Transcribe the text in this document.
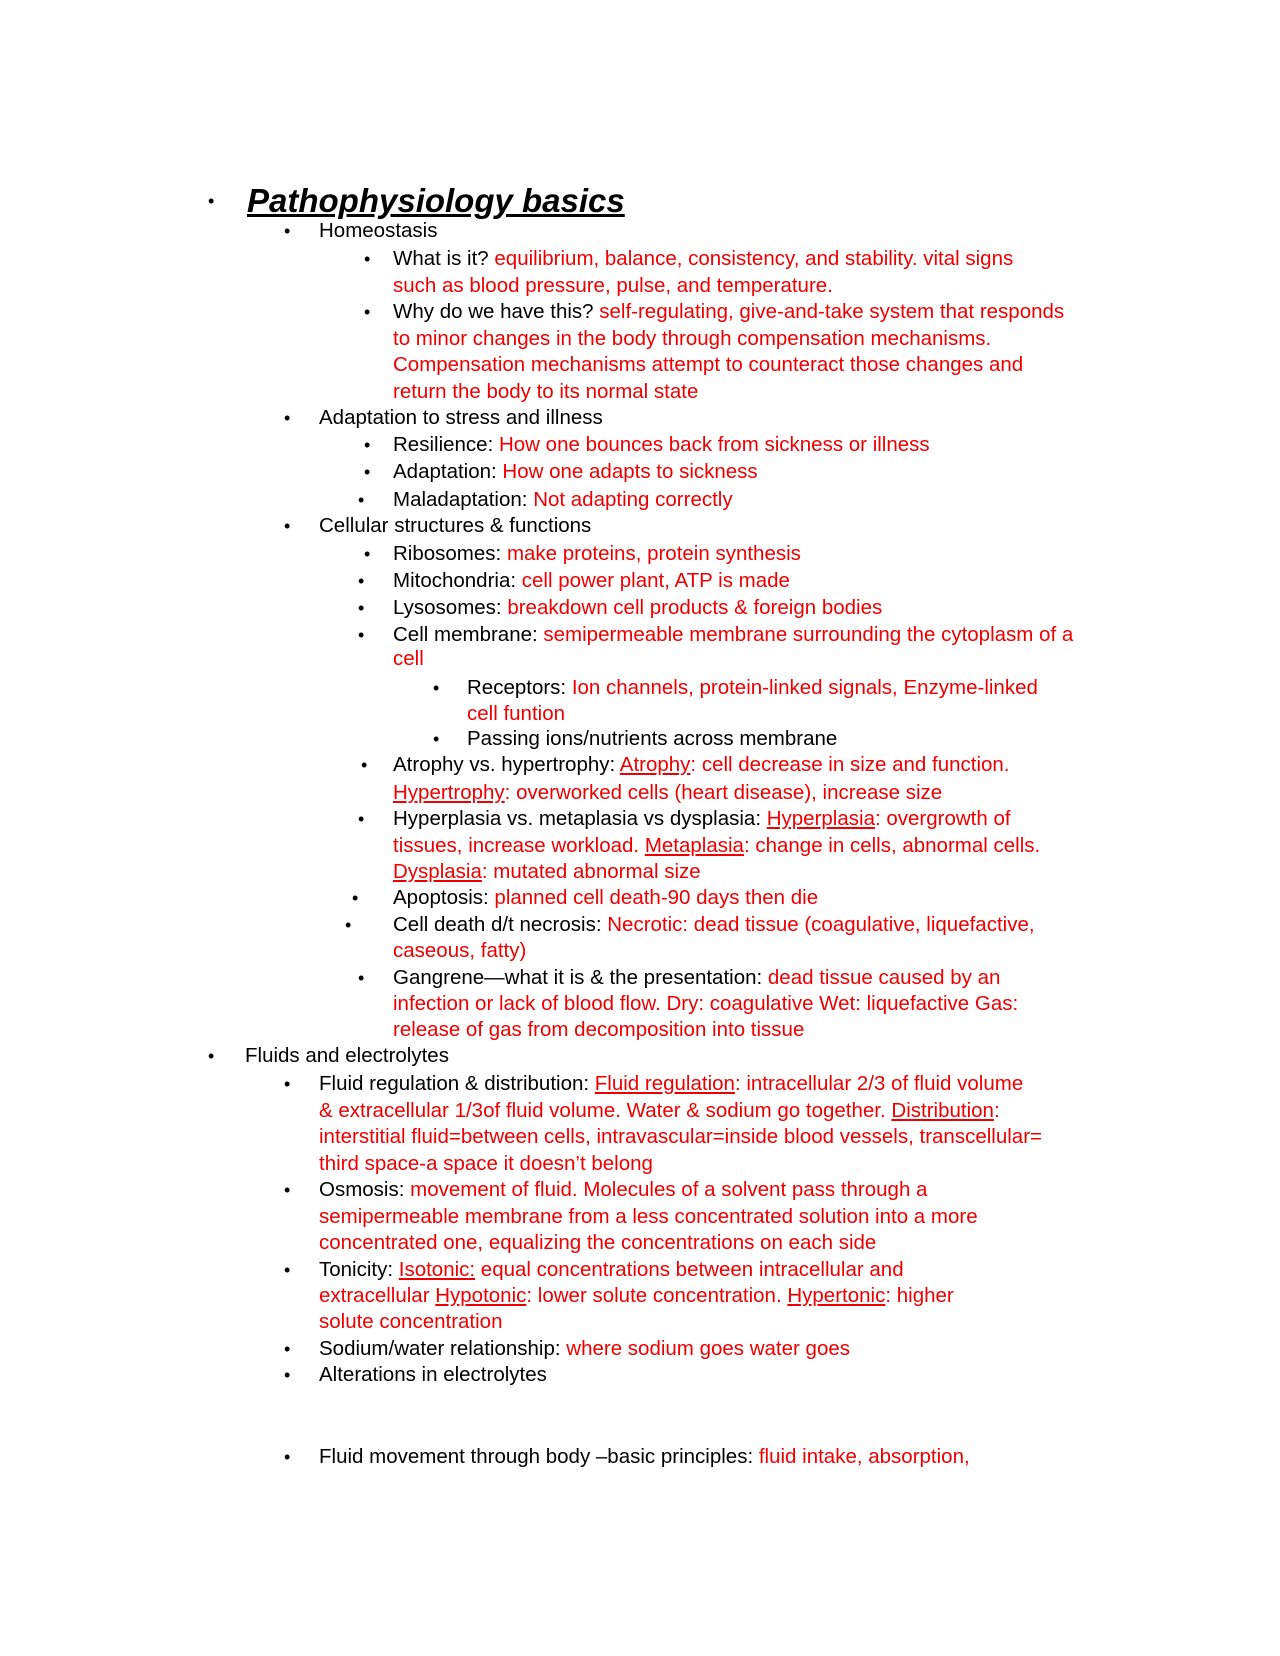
• Pathophysiology basics
• Homeostasis
• What is it? equilibrium, balance, consistency, and stability. vital signs
such as blood pressure, pulse, and temperature.
• Why do we have this? self-regulating, give-and-take system that responds
to minor changes in the body through compensation mechanisms.
Compensation mechanisms attempt to counteract those changes and
return the body to its normal state
• Adaptation to stress and illness
• Resilience: How one bounces back from sickness or illness
• Adaptation: How one adapts to sickness
• Maladaptation: Not adapting correctly
• Cellular structures & functions
• Ribosomes: make proteins, protein synthesis
• Mitochondria: cell power plant, ATP is made
• Lysosomes: breakdown cell products & foreign bodies
• Cell membrane: semipermeable membrane surrounding the cytoplasm of a
cell
• Receptors: Ion channels, protein-linked signals, Enzyme-linked
cell funtion
• Passing ions/nutrients across membrane
• Atrophy vs. hypertrophy: Atrophy: cell decrease in size and function.
Hypertrophy: overworked cells (heart disease), increase size
• Hyperplasia vs. metaplasia vs dysplasia: Hyperplasia: overgrowth of
tissues, increase workload. Metaplasia: change in cells, abnormal cells.
Dysplasia: mutated abnormal size
• Apoptosis: planned cell death-90 days then die
• Cell death d/t necrosis: Necrotic: dead tissue (coagulative, liquefactive,
caseous, fatty)
• Gangrene—what it is & the presentation: dead tissue caused by an
infection or lack of blood flow. Dry: coagulative Wet: liquefactive Gas:
release of gas from decomposition into tissue
• Fluids and electrolytes
• Fluid regulation & distribution: Fluid regulation: intracellular 2/3 of fluid volume
& extracellular 1/3of fluid volume. Water & sodium go together. Distribution:
interstitial fluid=between cells, intravascular=inside blood vessels, transcellular=
third space-a space it doesn’t belong
• Osmosis: movement of fluid. Molecules of a solvent pass through a
semipermeable membrane from a less concentrated solution into a more
concentrated one, equalizing the concentrations on each side
• Tonicity: Isotonic: equal concentrations between intracellular and
extracellular Hypotonic: lower solute concentration. Hypertonic: higher
solute concentration
• Sodium/water relationship: where sodium goes water goes
• Alterations in electrolytes
• Fluid movement through body –basic principles: fluid intake, absorption,
